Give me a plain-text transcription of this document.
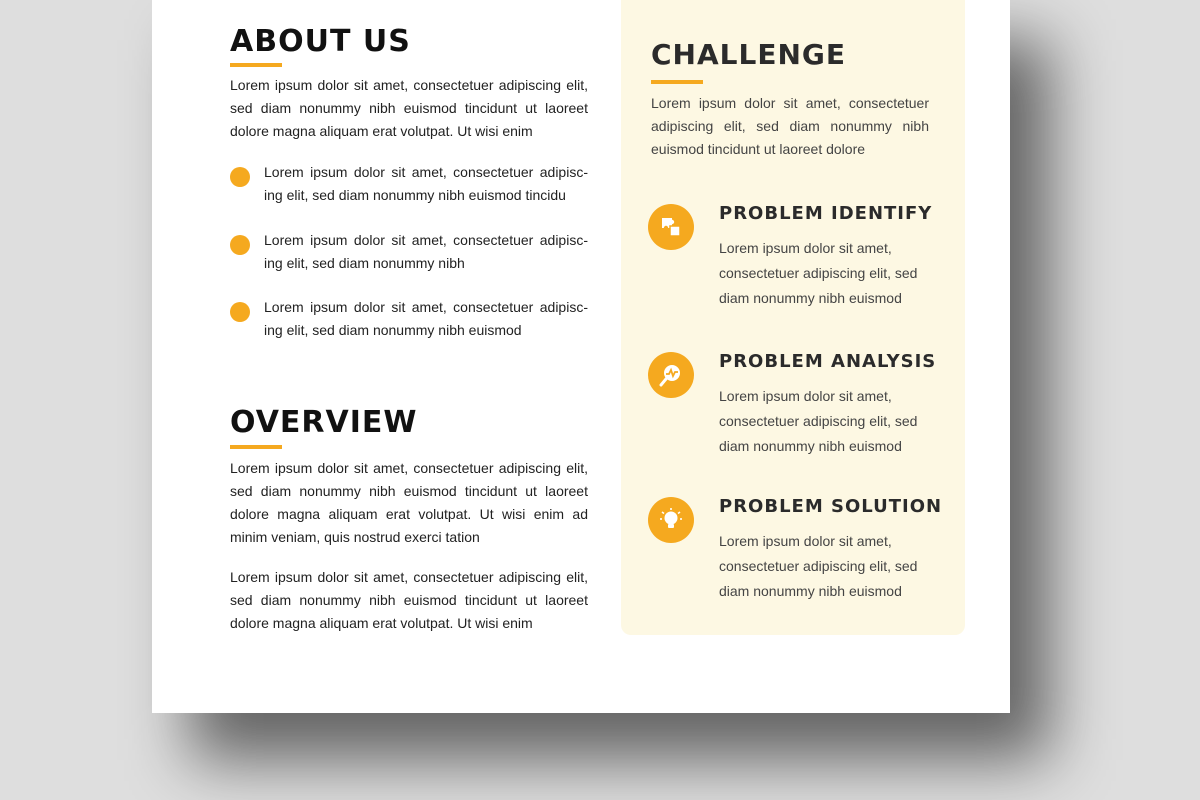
ABOUT US

Lorem ipsum dolor sit amet, consectetuer adipiscing elit, sed diam nonummy nibh euismod tincidunt ut laoreet dolore magna aliquam erat volutpat. Ut wisi enim

Lorem ipsum dolor sit amet, consectetuer adipisc-ing elit, sed diam nonummy nibh euismod tincidu

Lorem ipsum dolor sit amet, consectetuer adipisc-ing elit, sed diam nonummy nibh

Lorem ipsum dolor sit amet, consectetuer adipisc-ing elit, sed diam nonummy nibh euismod

OVERVIEW

Lorem ipsum dolor sit amet, consectetuer adipiscing elit, sed diam nonummy nibh euismod tincidunt ut laoreet dolore magna aliquam erat volutpat. Ut wisi enim ad minim veniam, quis nostrud exerci tation

Lorem ipsum dolor sit amet, consectetuer adipiscing elit, sed diam nonummy nibh euismod tincidunt ut laoreet dolore magna aliquam erat volutpat. Ut wisi enim

CHALLENGE

Lorem ipsum dolor sit amet, consectetuer adipiscing elit, sed diam nonummy nibh euismod tincidunt ut laoreet dolore

PROBLEM IDENTIFY

Lorem ipsum dolor sit amet, consectetuer adipiscing elit, sed diam nonummy nibh euismod

PROBLEM ANALYSIS

Lorem ipsum dolor sit amet, consectetuer adipiscing elit, sed diam nonummy nibh euismod

PROBLEM SOLUTION

Lorem ipsum dolor sit amet, consectetuer adipiscing elit, sed diam nonummy nibh euismod
